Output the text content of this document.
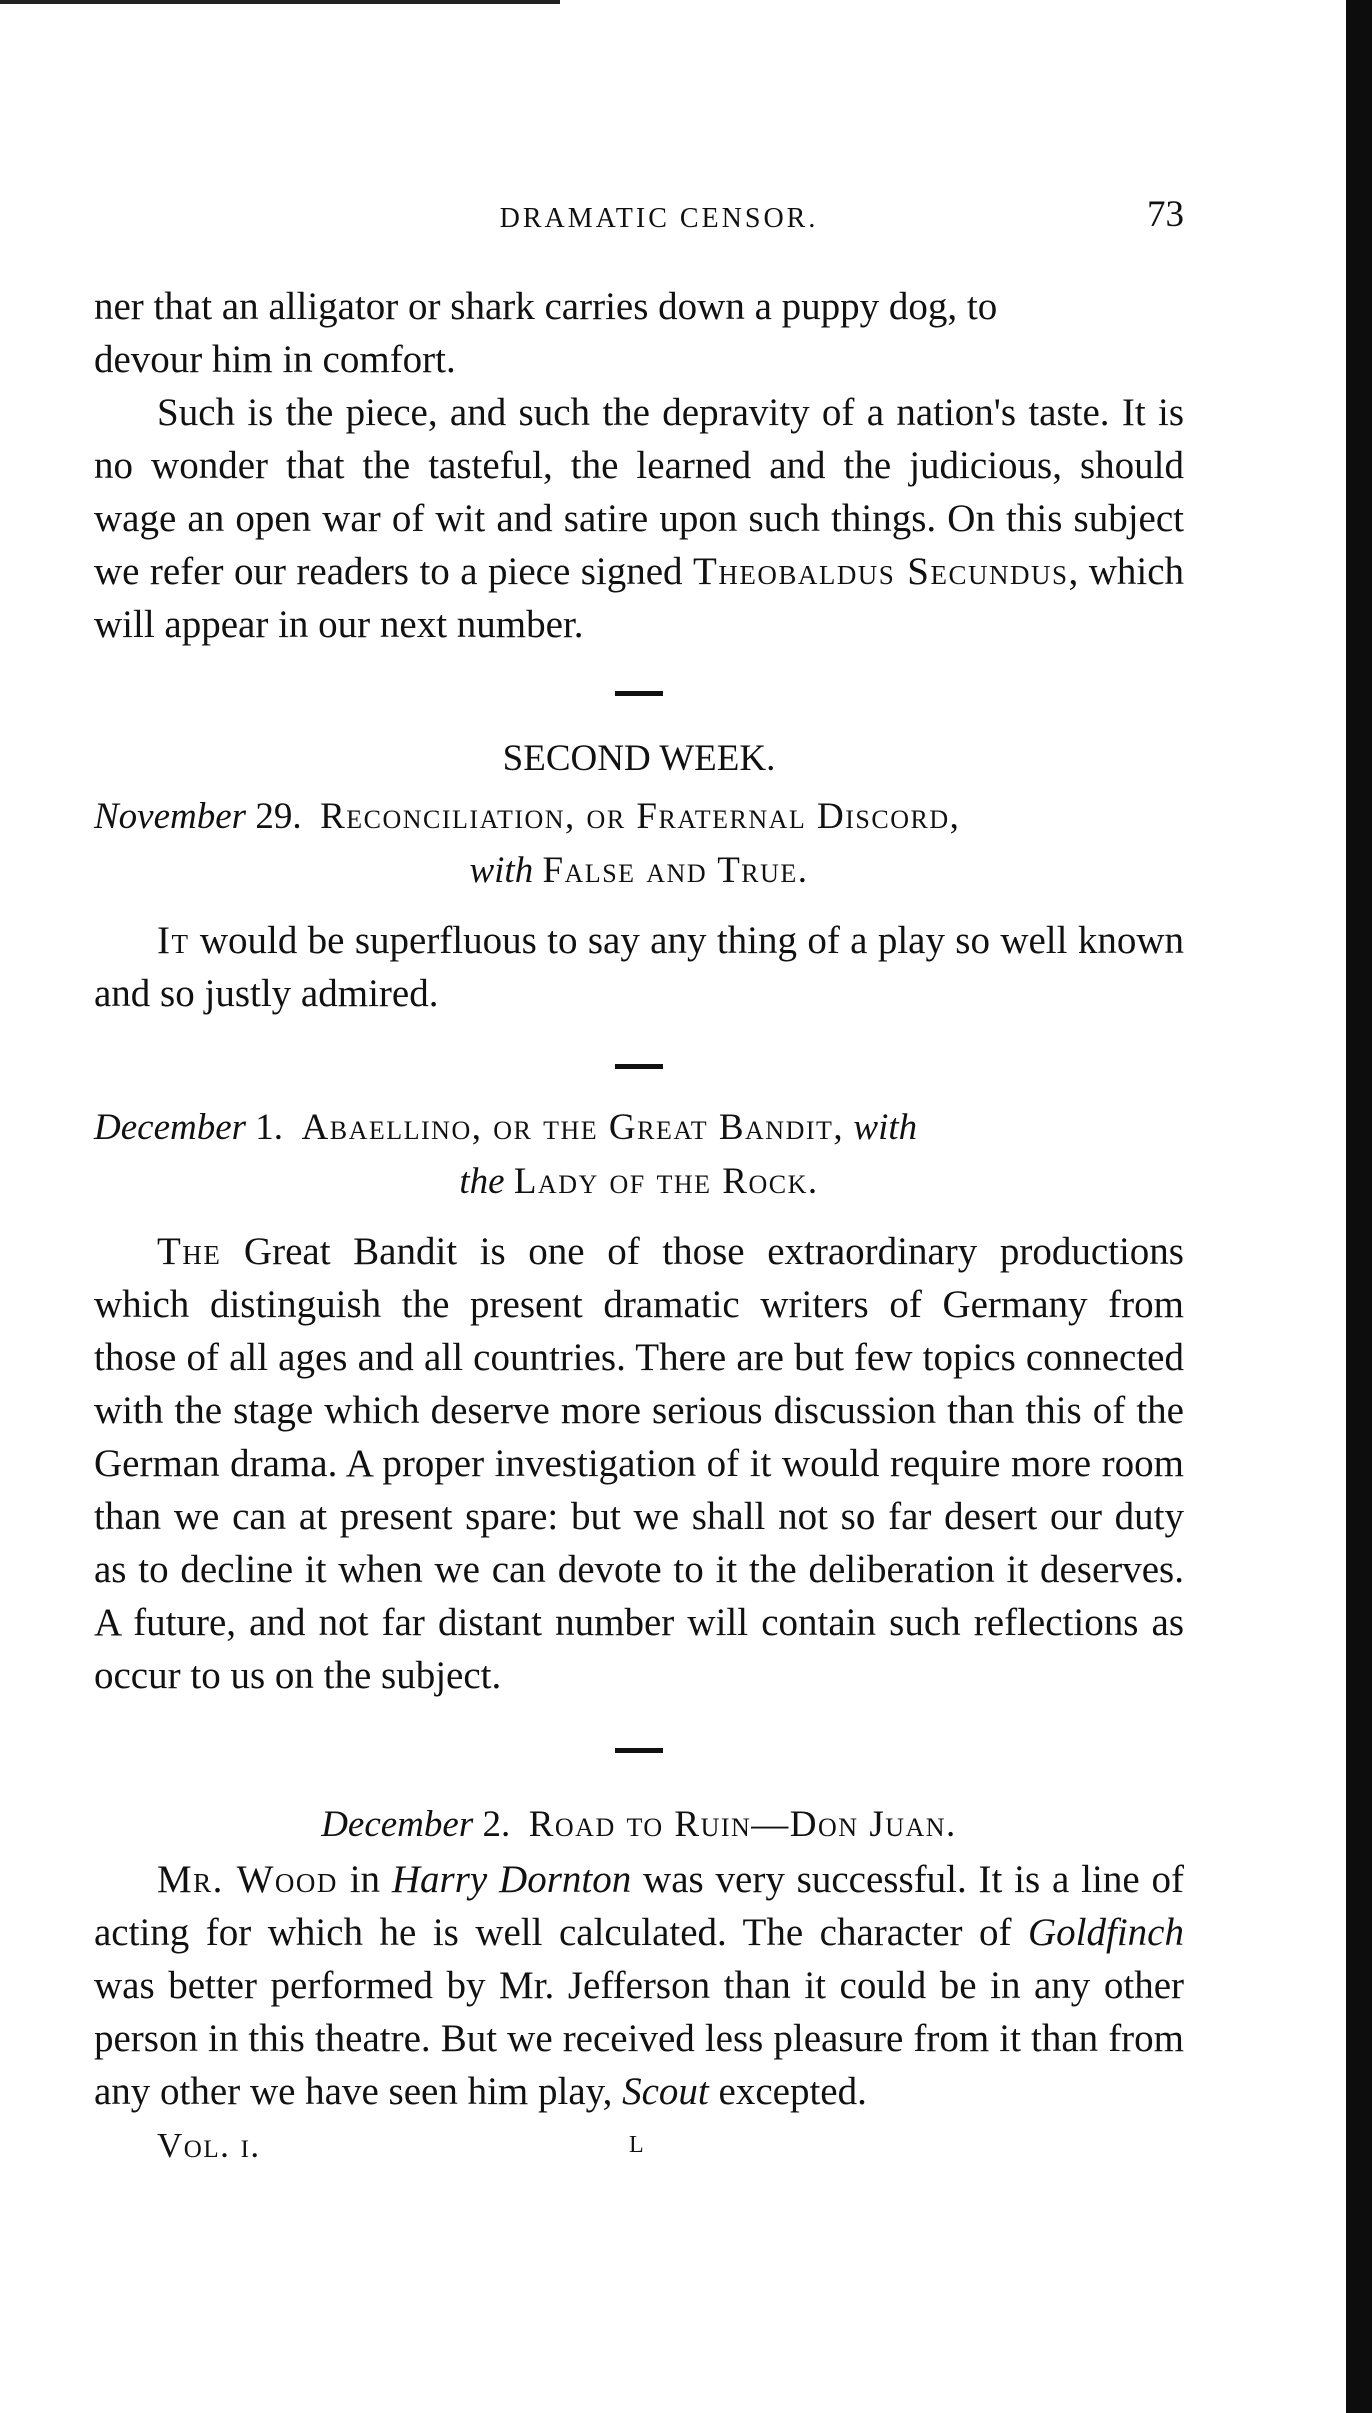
DRAMATIC CENSOR.	73

ner that an alligator or shark carries down a puppy dog, to
devour him in comfort.

Such is the piece, and such the depravity of a nation's taste. It is no wonder that the tasteful, the learned and the judicious, should wage an open war of wit and satire upon such things. On this subject we refer our readers to a piece signed Theobaldus Secundus, which will appear in our next number.

SECOND WEEK.
November 29. Reconciliation, or Fraternal Discord,
with False and True.

It would be superfluous to say any thing of a play so well known and so justly admired.

December 1. Abaellino, or the Great Bandit, with
the Lady of the Rock.

The Great Bandit is one of those extraordinary productions which distinguish the present dramatic writers of Germany from those of all ages and all countries. There are but few topics connected with the stage which deserve more serious discussion than this of the German drama. A proper investigation of it would require more room than we can at present spare: but we shall not so far desert our duty as to decline it when we can devote to it the deliberation it deserves. A future, and not far distant number will contain such reflections as occur to us on the subject.

December 2. Road to Ruin—Don Juan.

Mr. Wood in Harry Dornton was very successful. It is a line of acting for which he is well calculated. The character of Goldfinch was better performed by Mr. Jefferson than it could be in any other person in this theatre. But we received less pleasure from it than from any other we have seen him play, Scout excepted.

Vol. i.	L
